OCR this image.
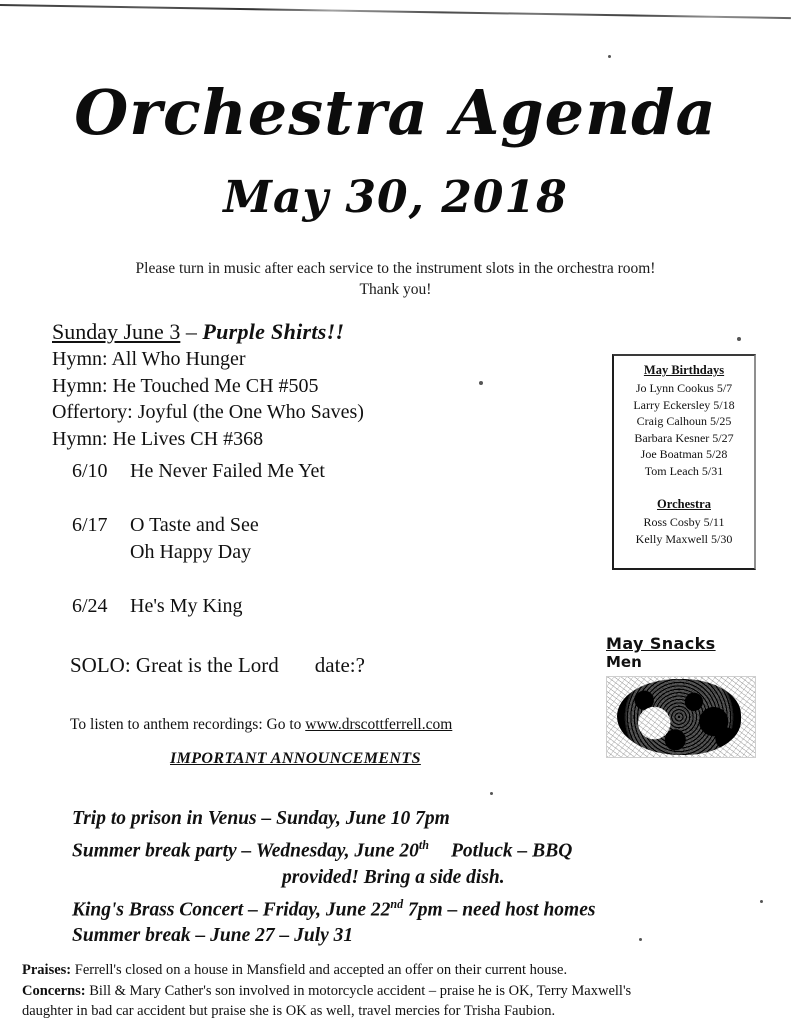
Orchestra Agenda
May 30, 2018
Please turn in music after each service to the instrument slots in the orchestra room!
Thank you!
Sunday June 3 – Purple Shirts!!
Hymn: All Who Hunger
Hymn: He Touched Me CH #505
Offertory: Joyful (the One Who Saves)
Hymn: He Lives CH #368
6/10 He Never Failed Me Yet
6/17 O Taste and See
Oh Happy Day
6/24 He's My King
SOLO: Great is the Lord date:?
To listen to anthem recordings: Go to www.drscottferrell.com
IMPORTANT ANNOUNCEMENTS
Trip to prison in Venus – Sunday, June 10 7pm
Summer break party – Wednesday, June 20th Potluck – BBQ
provided! Bring a side dish.
King's Brass Concert – Friday, June 22nd 7pm – need host homes
Summer break – June 27 – July 31
May Birthdays
Jo Lynn Cookus 5/7
Larry Eckersley 5/18
Craig Calhoun 5/25
Barbara Kesner 5/27
Joe Boatman 5/28
Tom Leach 5/31
Orchestra
Ross Cosby 5/11
Kelly Maxwell 5/30
May Snacks
Men
Praises: Ferrell's closed on a house in Mansfield and accepted an offer on their current house.
Concerns: Bill & Mary Cather's son involved in motorcycle accident – praise he is OK, Terry Maxwell's
daughter in bad car accident but praise she is OK as well, travel mercies for Trisha Faubion.
